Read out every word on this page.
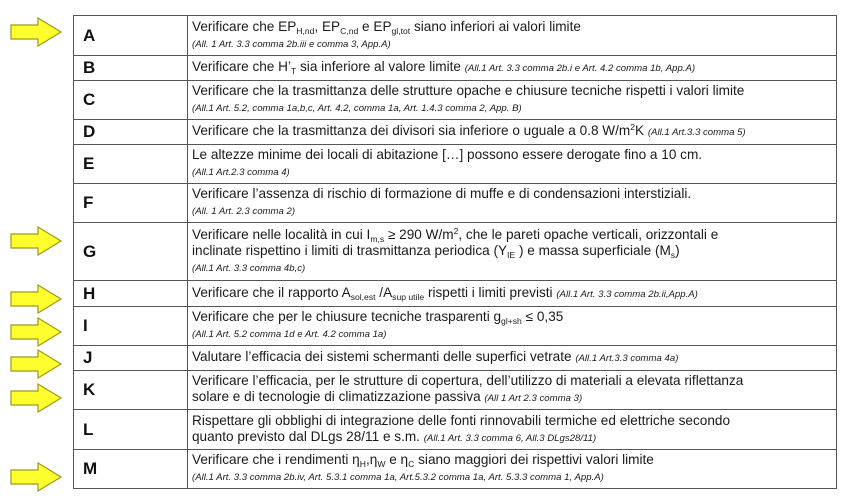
A	Verificare che $EP_{H,nd}$, $EP_{C,nd}$ e $EP_{gl,tot}$ siano inferiori ai valori limite
(All. 1 Art. 3.3 comma 2b.iii e comma 3, App.A)
B	Verificare che $H’_T$ sia inferiore al valore limite (All.1 Art. 3.3 comma 2b.i e Art. 4.2 comma 1b, App.A)
C	Verificare che la trasmittanza delle strutture opache e chiusure tecniche rispetti i valori limite
(All.1 Art. 5.2, comma 1a,b,c, Art. 4.2, comma 1a, Art. 1.4.3 comma 2, App. B)
D	Verificare che la trasmittanza dei divisori sia inferiore o uguale a 0.8 $W/m^2K$ (All.1 Art.3.3 comma 5)
E	Le altezze minime dei locali di abitazione […] possono essere derogate fino a 10 cm.
(All.1 Art.2.3 comma 4)
F	Verificare l’assenza di rischio di formazione di muffe e di condensazioni interstiziali.
(All. 1 Art. 2.3 comma 2)
G	Verificare nelle località in cui $I_{m,s} \ge 290$ $W/m^2$, che le pareti opache verticali, orizzontali e
inclinate rispettino i limiti di trasmittanza periodica ($Y_{IE}$ ) e massa superficiale $(M_s)$
(All.1 Art. 3.3 comma 4b,c)
H	Verificare che il rapporto $A_{sol,est}$ $/A_{sup utile}$ rispetti i limiti previsti (All.1 Art. 3.3 comma 2b.ii,App.A)
I	Verificare che per le chiusure tecniche trasparenti $g_{gl+sh} \le 0,35$
(All.1 Art. 5.2 comma 1d e Art. 4.2 comma 1a)
J	Valutare l’efficacia dei sistemi schermanti delle superfici vetrate (All.1 Art.3.3 comma 4a)
K	Verificare l’efficacia, per le strutture di copertura, dell’utilizzo di materiali a elevata riflettanza
solare e di tecnologie di climatizzazione passiva (All 1 Art 2.3 comma 3)
L	Rispettare gli obblighi di integrazione delle fonti rinnovabili termiche ed elettriche secondo
quanto previsto dal DLgs 28/11 e s.m. (All.1 Art. 3.3 comma 6, All.3 DLgs28/11)
M	Verificare che i rendimenti $\eta_H,\eta_W$ e $\eta_C$ siano maggiori dei rispettivi valori limite
(All.1 Art. 3.3 comma 2b.iv, Art. 5.3.1 comma 1a, Art.5.3.2 comma 1a, Art. 5.3.3 comma 1, App.A)
